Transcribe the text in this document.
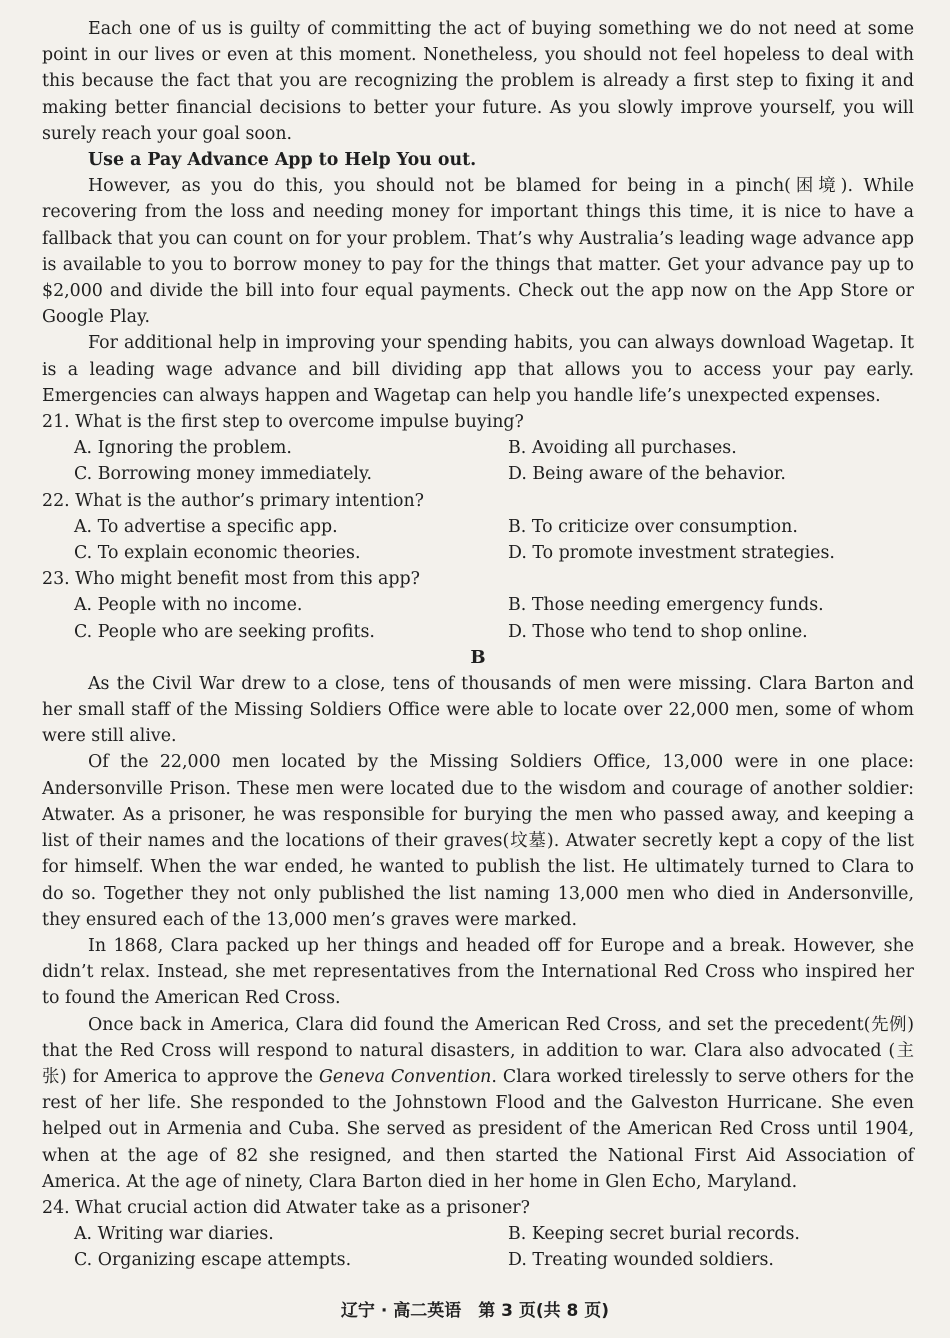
Each one of us is guilty of committing the act of buying something we do not need at some point in our lives or even at this moment. Nonetheless, you should not feel hopeless to deal with this because the fact that you are recognizing the problem is already a first step to fixing it and making better financial decisions to better your future. As you slowly improve yourself, you will surely reach your goal soon.

Use a Pay Advance App to Help You out.

However, as you do this, you should not be blamed for being in a pinch(困境). While recovering from the loss and needing money for important things this time, it is nice to have a fallback that you can count on for your problem. That’s why Australia’s leading wage advance app is available to you to borrow money to pay for the things that matter. Get your advance pay up to $2,000 and divide the bill into four equal payments. Check out the app now on the App Store or Google Play.

For additional help in improving your spending habits, you can always download Wagetap. It is a leading wage advance and bill dividing app that allows you to access your pay early. Emergencies can always happen and Wagetap can help you handle life’s unexpected expenses.

21. What is the first step to overcome impulse buying?
A. Ignoring the problem.	B. Avoiding all purchases.
C. Borrowing money immediately.	D. Being aware of the behavior.
22. What is the author’s primary intention?
A. To advertise a specific app.	B. To criticize over consumption.
C. To explain economic theories.	D. To promote investment strategies.
23. Who might benefit most from this app?
A. People with no income.	B. Those needing emergency funds.
C. People who are seeking profits.	D. Those who tend to shop online.
B

As the Civil War drew to a close, tens of thousands of men were missing. Clara Barton and her small staff of the Missing Soldiers Office were able to locate over 22,000 men, some of whom were still alive.

Of the 22,000 men located by the Missing Soldiers Office, 13,000 were in one place: Andersonville Prison. These men were located due to the wisdom and courage of another soldier: Atwater. As a prisoner, he was responsible for burying the men who passed away, and keeping a list of their names and the locations of their graves(坟墓). Atwater secretly kept a copy of the list for himself. When the war ended, he wanted to publish the list. He ultimately turned to Clara to do so. Together they not only published the list naming 13,000 men who died in Andersonville, they ensured each of the 13,000 men’s graves were marked.

In 1868, Clara packed up her things and headed off for Europe and a break. However, she didn’t relax. Instead, she met representatives from the International Red Cross who inspired her to found the American Red Cross.

Once back in America, Clara did found the American Red Cross, and set the precedent(先例) that the Red Cross will respond to natural disasters, in addition to war. Clara also advocated (主张) for America to approve the Geneva Convention. Clara worked tirelessly to serve others for the rest of her life. She responded to the Johnstown Flood and the Galveston Hurricane. She even helped out in Armenia and Cuba. She served as president of the American Red Cross until 1904, when at the age of 82 she resigned, and then started the National First Aid Association of America. At the age of ninety, Clara Barton died in her home in Glen Echo, Maryland.

24. What crucial action did Atwater take as a prisoner?
A. Writing war diaries.	B. Keeping secret burial records.
C. Organizing escape attempts.	D. Treating wounded soldiers.
辽宁 · 高二英语　第 3 页(共 8 页)
